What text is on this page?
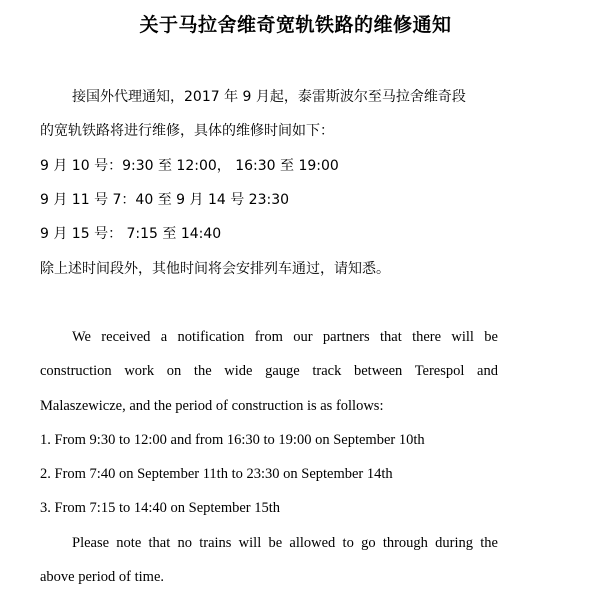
关于马拉舍维奇宽轨铁路的维修通知
接国外代理通知，2017 年 9 月起，泰雷斯波尔至马拉舍维奇段
的宽轨铁路将进行维修，具体的维修时间如下：
9 月 10 号：9:30 至 12:00， 16:30 至 19:00
9 月 11 号 7：40 至 9 月 14 号 23:30
9 月 15 号： 7:15 至 14:40
除上述时间段外，其他时间将会安排列车通过，请知悉。
We received a notification from our partners that there will be
construction work on the wide gauge track between Terespol and
Malaszewicze, and the period of construction is as follows:
1. From 9:30 to 12:00 and from 16:30 to 19:00 on September 10th
2. From 7:40 on September 11th to 23:30 on September 14th
3. From 7:15 to 14:40 on September 15th
Please note that no trains will be allowed to go through during the
above period of time.
